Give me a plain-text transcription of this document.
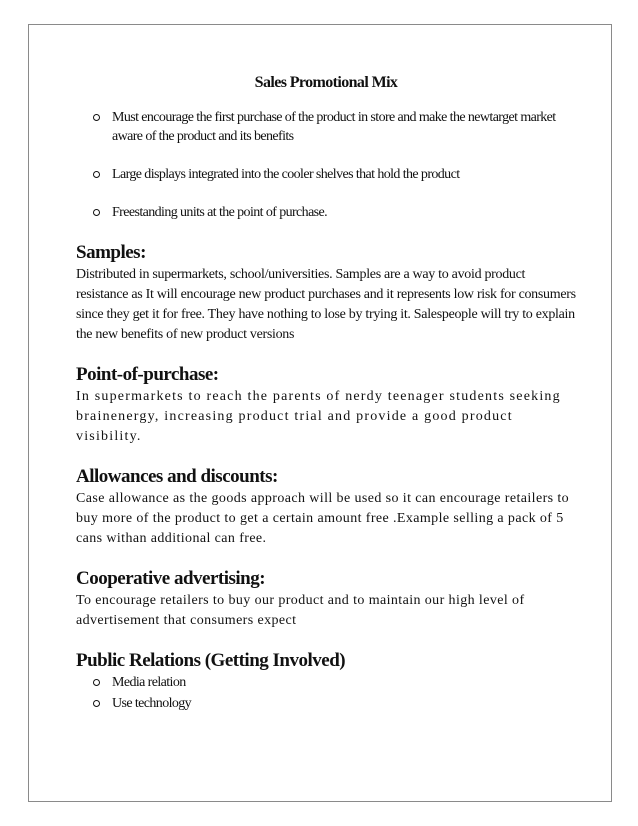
Sales Promotional Mix
Must encourage the first purchase of the product in store and make the newtarget market aware of the product and its benefits
Large displays integrated into the cooler shelves that hold the product
Freestanding units at the point of purchase.
Samples:

Distributed in supermarkets, school/universities. Samples are a way to avoid product resistance as It will encourage new product purchases and it represents low risk for consumers since they get it for free. They have nothing to lose by trying it. Salespeople will try to explain the new benefits of new product versions

Point-of-purchase:

In supermarkets to reach the parents of nerdy teenager students seeking brainenergy, increasing product trial and provide a good product visibility.

Allowances and discounts:

Case allowance as the goods approach will be used so it can encourage retailers to buy more of the product to get a certain amount free .Example selling a pack of 5 cans withan additional can free.

Cooperative advertising:

To encourage retailers to buy our product and to maintain our high level of advertisement that consumers expect

Public Relations (Getting Involved)
Media relation
Use technology
